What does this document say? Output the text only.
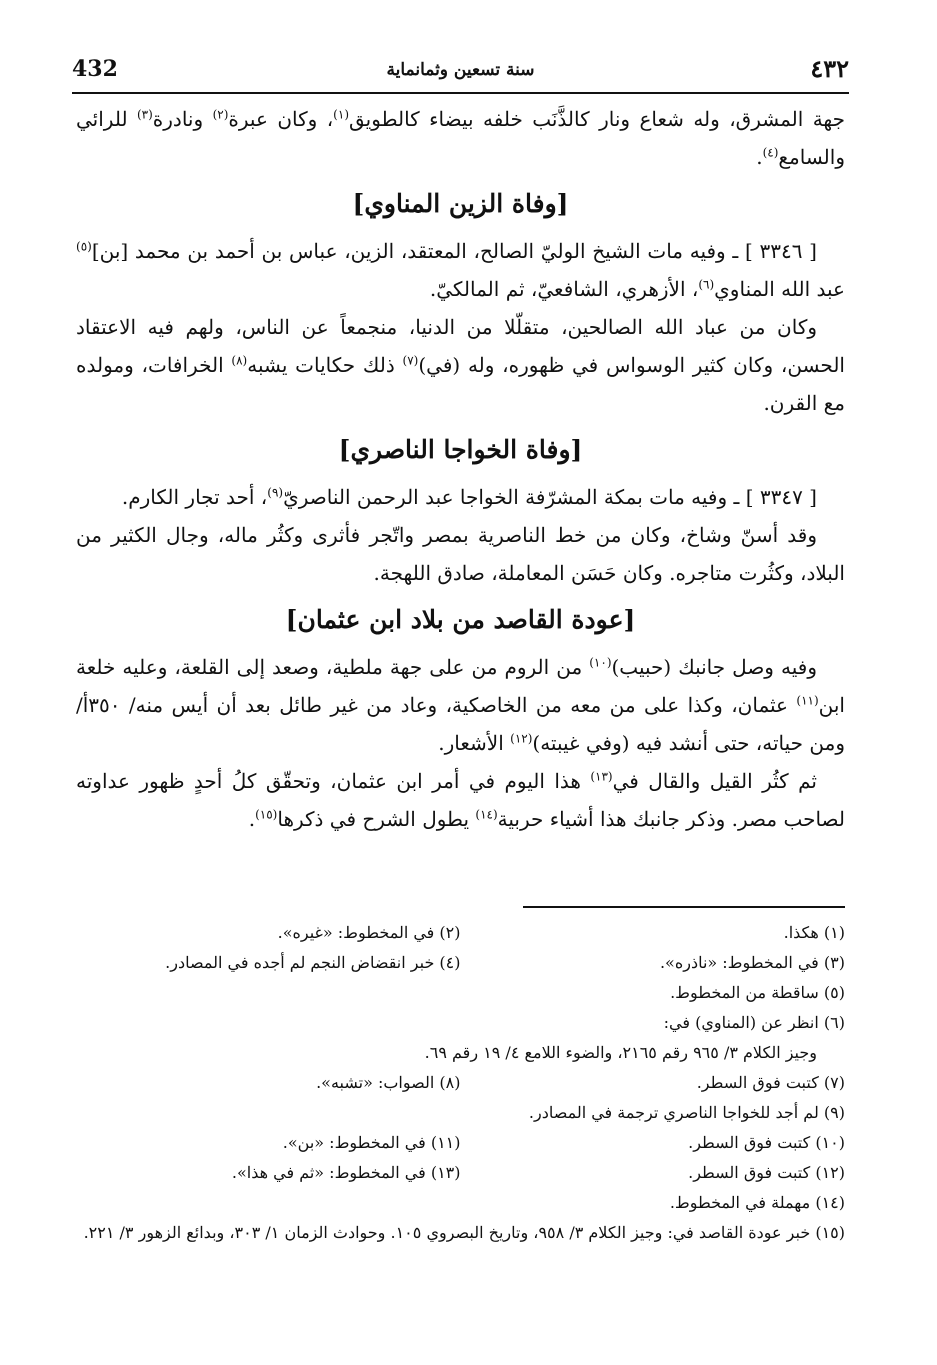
٤٣٢
سنة تسعين وثمانماية
432

جهة المشرق، وله شعاع ونار كالذَّنَب خلفه بيضاء كالطويق$^{(١)}$، وكان عبرة$^{(٢)}$ ونادرة$^{(٣)}$ للرائي والسامع$^{(٤)}$.

[وفاة الزين المناوي]

[ ٣٣٤٦ ] ـ وفيه مات الشيخ الوليّ الصالح، المعتقد، الزين، عباس بن أحمد بن محمد [بن]$^{(٥)}$ عبد الله المناوي$^{(٦)}$، الأزهري، الشافعيّ، ثم المالكيّ.

وكان من عباد الله الصالحين، متقلّلا من الدنيا، منجمعاً عن الناس، ولهم فيه الاعتقاد الحسن، وكان كثير الوسواس في ظهوره، وله (في)$^{(٧)}$ ذلك حكايات يشبه$^{(٨)}$ الخرافات، ومولده مع القرن.

[وفاة الخواجا الناصري]

[ ٣٣٤٧ ] ـ وفيه مات بمكة المشرّفة الخواجا عبد الرحمن الناصريّ$^{(٩)}$، أحد تجار الكارم.

وقد أسنّ وشاخ، وكان من خط الناصرية بمصر واتّجر فأثرى وكثُر ماله، وجال الكثير من البلاد، وكثُرت متاجره. وكان حَسَن المعاملة، صادق اللهجة.

[عودة القاصد من بلاد ابن عثمان]

وفيه وصل جانبك (حبيب)$^{(١٠)}$ من الروم من على جهة ملطية، وصعد إلى القلعة، وعليه خلعة ابن$^{(١١)}$ عثمان، وكذا على من معه من الخاصكية، وعاد من غير طائل بعد أن أيس منه/ ٣٥٠أ/ ومن حياته، حتى أنشد فيه (وفي غيبته)$^{(١٢)}$ الأشعار.

ثم كثُر القيل والقال في$^{(١٣)}$ هذا اليوم في أمر ابن عثمان، وتحقّق كلُ أحدٍ ظهور عداوته لصاحب مصر. وذكر جانبك هذا أشياء حربية$^{(١٤)}$ يطول الشرح في ذكرها$^{(١٥)}$.

(١) هكذا.
(٢) في المخطوط: «غيره».
(٣) في المخطوط: «ناذره».
(٤) خبر انقضاض النجم لم أجده في المصادر.
(٥) ساقطة من المخطوط.
(٦) انظر عن (المناوي) في:
وجيز الكلام ٣/ ٩٦٥ رقم ٢١٦٥، والضوء اللامع ٤/ ١٩ رقم ٦٩.
(٧) كتبت فوق السطر.
(٨) الصواب: «تشبه».
(٩) لم أجد للخواجا الناصري ترجمة في المصادر.
(١٠) كتبت فوق السطر.
(١١) في المخطوط: «بن».
(١٢) كتبت فوق السطر.
(١٣) في المخطوط: «ثم في هذا».
(١٤) مهملة في المخطوط.
(١٥) خبر عودة القاصد في: وجيز الكلام ٣/ ٩٥٨، وتاريخ البصروي ١٠٥. وحوادث الزمان ١/ ٣٠٣، وبدائع الزهور ٣/ ٢٢١.
